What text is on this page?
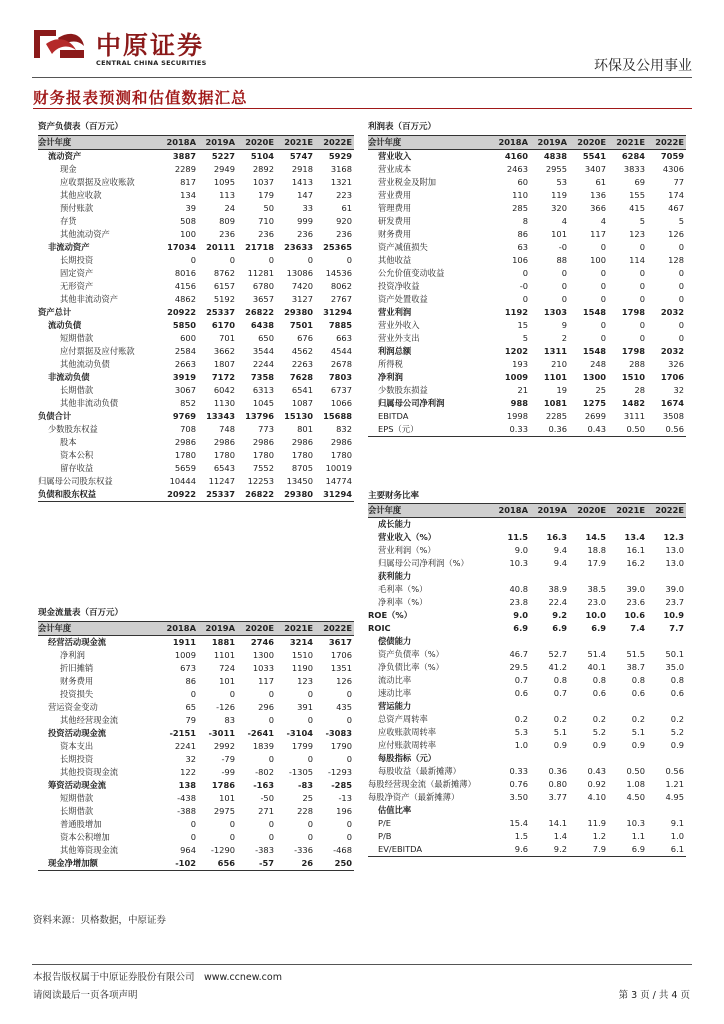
中原证券
CENTRAL CHINA SECURITIES	环保及公用事业
财务报表预测和估值数据汇总
资产负债表（百万元）
会计年度	2018A	2019A	2020E	2021E	2022E
流动资产	3887	5227	5104	5747	5929
现金	2289	2949	2892	2918	3168
应收票据及应收账款	817	1095	1037	1413	1321
其他应收款	134	113	179	147	223
预付账款	39	24	50	33	61
存货	508	809	710	999	920
其他流动资产	100	236	236	236	236
非流动资产	17034	20111	21718	23633	25365
长期投资	0	0	0	0	0
固定资产	8016	8762	11281	13086	14536
无形资产	4156	6157	6780	7420	8062
其他非流动资产	4862	5192	3657	3127	2767
资产总计	20922	25337	26822	29380	31294
流动负债	5850	6170	6438	7501	7885
短期借款	600	701	650	676	663
应付票据及应付账款	2584	3662	3544	4562	4544
其他流动负债	2663	1807	2244	2263	2678
非流动负债	3919	7172	7358	7628	7803
长期借款	3067	6042	6313	6541	6737
其他非流动负债	852	1130	1045	1087	1066
负债合计	9769	13343	13796	15130	15688
少数股东权益	708	748	773	801	832
股本	2986	2986	2986	2986	2986
资本公积	1780	1780	1780	1780	1780
留存收益	5659	6543	7552	8705	10019
归属母公司股东权益	10444	11247	12253	13450	14774
负债和股东权益	20922	25337	26822	29380	31294
利润表（百万元）
会计年度	2018A	2019A	2020E	2021E	2022E
营业收入	4160	4838	5541	6284	7059
营业成本	2463	2955	3407	3833	4306
营业税金及附加	60	53	61	69	77
营业费用	110	119	136	155	174
管理费用	285	320	366	415	467
研发费用	8	4	4	5	5
财务费用	86	101	117	123	126
资产减值损失	63	-0	0	0	0
其他收益	106	88	100	114	128
公允价值变动收益	0	0	0	0	0
投资净收益	-0	0	0	0	0
资产处置收益	0	0	0	0	0
营业利润	1192	1303	1548	1798	2032
营业外收入	15	9	0	0	0
营业外支出	5	2	0	0	0
利润总额	1202	1311	1548	1798	2032
所得税	193	210	248	288	326
净利润	1009	1101	1300	1510	1706
少数股东损益	21	19	25	28	32
归属母公司净利润	988	1081	1275	1482	1674
EBITDA	1998	2285	2699	3111	3508
EPS（元）	0.33	0.36	0.43	0.50	0.56
现金流量表（百万元）
会计年度	2018A	2019A	2020E	2021E	2022E
经营活动现金流	1911	1881	2746	3214	3617
净利润	1009	1101	1300	1510	1706
折旧摊销	673	724	1033	1190	1351
财务费用	86	101	117	123	126
投资损失	0	0	0	0	0
营运资金变动	65	-126	296	391	435
其他经营现金流	79	83	0	0	0
投资活动现金流	-2151	-3011	-2641	-3104	-3083
资本支出	2241	2992	1839	1799	1790
长期投资	32	-79	0	0	0
其他投资现金流	122	-99	-802	-1305	-1293
筹资活动现金流	138	1786	-163	-83	-285
短期借款	-438	101	-50	25	-13
长期借款	-388	2975	271	228	196
普通股增加	0	0	0	0	0
资本公积增加	0	0	0	0	0
其他筹资现金流	964	-1290	-383	-336	-468
现金净增加额	-102	656	-57	26	250
主要财务比率
会计年度	2018A	2019A	2020E	2021E	2022E
成长能力					
营业收入（%）	11.5	16.3	14.5	13.4	12.3
营业利润（%）	9.0	9.4	18.8	16.1	13.0
归属母公司净利润（%）	10.3	9.4	17.9	16.2	13.0
获利能力					
毛利率（%）	40.8	38.9	38.5	39.0	39.0
净利率（%）	23.8	22.4	23.0	23.6	23.7
ROE（%）	9.0	9.2	10.0	10.6	10.9
ROIC	6.9	6.9	6.9	7.4	7.7
偿债能力					
资产负债率（%）	46.7	52.7	51.4	51.5	50.1
净负债比率（%）	29.5	41.2	40.1	38.7	35.0
流动比率	0.7	0.8	0.8	0.8	0.8
速动比率	0.6	0.7	0.6	0.6	0.6
营运能力					
总资产周转率	0.2	0.2	0.2	0.2	0.2
应收账款周转率	5.3	5.1	5.2	5.1	5.2
应付账款周转率	1.0	0.9	0.9	0.9	0.9
每股指标（元）					
每股收益（最新摊薄）	0.33	0.36	0.43	0.50	0.56
每股经营现金流（最新摊薄）	0.76	0.80	0.92	1.08	1.21
每股净资产（最新摊薄）	3.50	3.77	4.10	4.50	4.95
估值比率					
P/E	15.4	14.1	11.9	10.3	9.1
P/B	1.5	1.4	1.2	1.1	1.0
EV/EBITDA	9.6	9.2	7.9	6.9	6.1
资料来源：贝格数据，中原证券
本报告版权属于中原证券股份有限公司　www.ccnew.com
请阅读最后一页各项声明	第 3 页 / 共 4 页
